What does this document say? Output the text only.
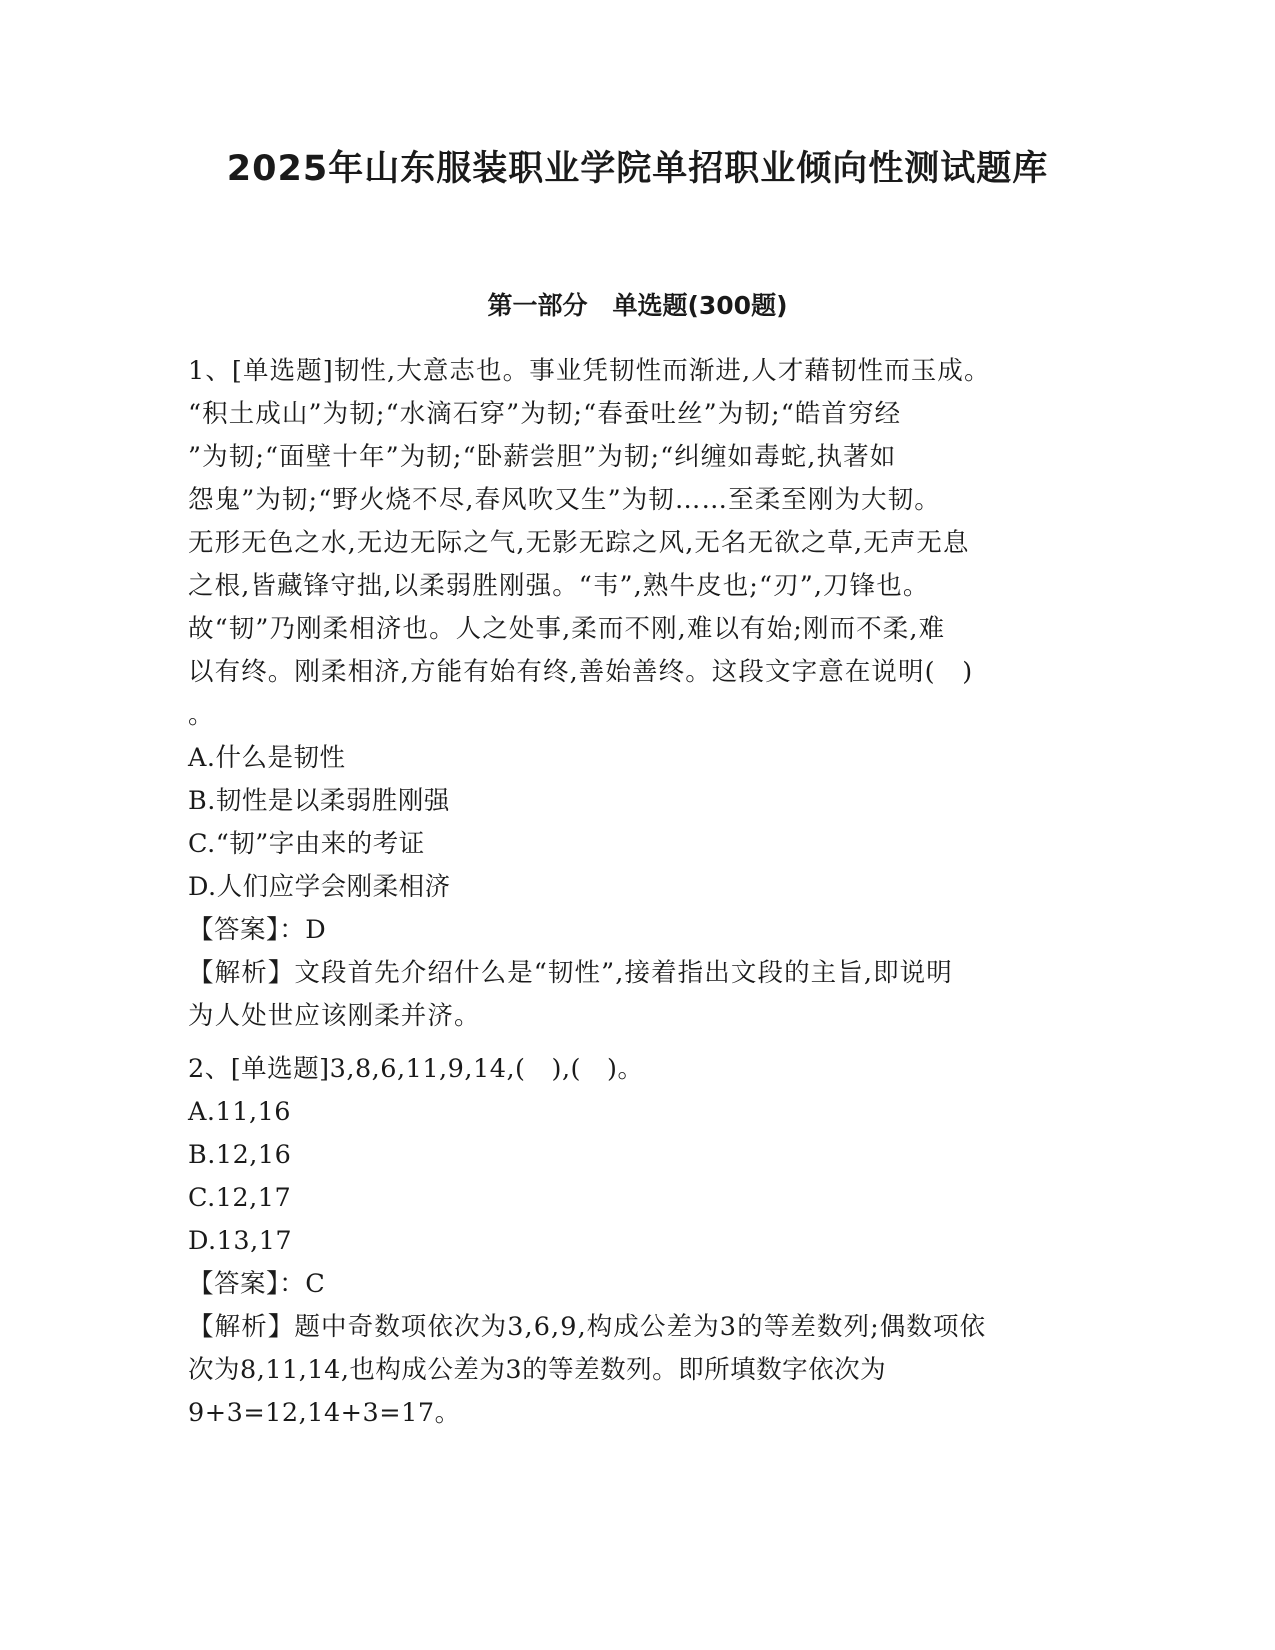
2025年山东服装职业学院单招职业倾向性测试题库
第一部分　单选题(300题)

1、[单选题]韧性,大意志也。事业凭韧性而渐进,人才藉韧性而玉成。

“积土成山”为韧;“水滴石穿”为韧;“春蚕吐丝”为韧;“皓首穷经

”为韧;“面壁十年”为韧;“卧薪尝胆”为韧;“纠缠如毒蛇,执著如

怨鬼”为韧;“野火烧不尽,春风吹又生”为韧……至柔至刚为大韧。

无形无色之水,无边无际之气,无影无踪之风,无名无欲之草,无声无息

之根,皆藏锋守拙,以柔弱胜刚强。“韦”,熟牛皮也;“刃”,刀锋也。

故“韧”乃刚柔相济也。人之处事,柔而不刚,难以有始;刚而不柔,难

以有终。刚柔相济,方能有始有终,善始善终。这段文字意在说明(　)

。

A.什么是韧性

B.韧性是以柔弱胜刚强

C.“韧”字由来的考证

D.人们应学会刚柔相济

【答案】：D

【解析】文段首先介绍什么是“韧性”,接着指出文段的主旨,即说明

为人处世应该刚柔并济。

2、[单选题]3,8,6,11,9,14,(　),(　)。

A.11,16

B.12,16

C.12,17

D.13,17

【答案】：C

【解析】题中奇数项依次为3,6,9,构成公差为3的等差数列;偶数项依

次为8,11,14,也构成公差为3的等差数列。即所填数字依次为

9+3=12,14+3=17。
